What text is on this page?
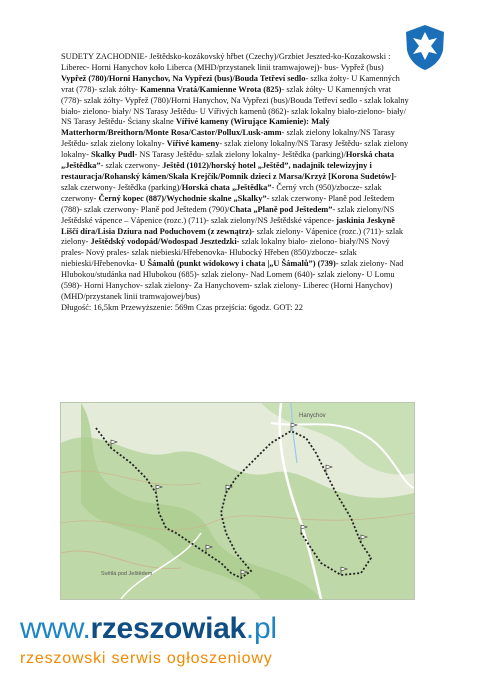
SUDETY ZACHODNIE- Ještědsko-kozákovský hřbet (Czechy)/Grzbiet Jeszted-ko-Kozakowski :

Liberec- Horni Hanychov koło Liberca (MHD/przystanek linii tramwajowej)- bus- Vypřež (bus)

Vypřež (780)/Horni Hanychov, Na Vypřezi (bus)/Bouda Tetřeví sedlo- szlka żołty- U Kamenných vrat (778)- szlak żółty- Kamenna Vratá/Kamienne Wrota (825)- szlak żółty- U Kamenných vrat (778)- szlak żółty- Vypřež (780)/Horni Hanychov, Na Vypřezi (bus)/Bouda Tetřeví sedlo - szlak lokalny biało- zielono- biały/ NS Tarasy Ještědu- U Vířivých kamenů (862)- szlak lokalny biało-zielono- biały/ NS Tarasy Ještědu- Ściany skalne Vířivé kameny (Wirujące Kamienie): Malý Matterhorm/Breithorn/Monte Rosa/Castor/Pollux/Lusk-amm- szlak zielony lokalny/NS Tarasy Ještědu- szlak zielony lokalny- Vířivé kameny- szlak zielony lokalny/NS Tarasy Ještědu- szlak zielony lokalny- Skalky Pudl- NS Tarasy Ještědu- szlak zielony lokalny- Ještědka (parking)/Horská chata „Ještědka”- szlak czerwony- Ještěd (1012)/horský hotel „Ještěd”, nadajnik telewizyjny i restauracja/Rohanský kámen/Skała Krejčík/Pomnik dzieci z Marsa/Krzyż [Korona Sudetów]- szlak czerwony- Ještědka (parking)/Horská chata „Ještědka”- Černý vrch (950)/zbocze- szlak czerwony- Černý kopec (887)/Wychodnie skalne „Skalky”- szlak czerwony- Planě pod Ještedem (788)- szlak czerwony- Planě pod Ještedem (790)/Chata „Planě pod Ještedem”- szlak zielony/NS Ještědské vápence – Vápenice (rozc.) (711)- szlak zielony/NS Ještědské vápence- jaskinia Jeskyně Liščí díra/Lisia Dziura nad Poduchovem (z zewnątrz)- szlak zielony- Vápenice (rozc.) (711)- szlak zielony- Ještědský vodopád/Wodospad Jesztedzki- szlak lokalny biało- zielono- biały/NS Nový prales- Nový prales- szlak niebieski/Hřebenovka- Hlubocký Hřeben (850)/zbocze- szlak niebieski/Hřebenovka- U Šámalů (punkt widokowy i chata |„U Šámalů”) (739)- szlak zielony- Nad Hlubokou/studánka nad Hlubokou (685)- szlak zielony- Nad Lomem (640)- szlak zielony- U Lomu (598)- Horni Hanychov- szlak zielony- Za Hanychovem- szlak zielony- Liberec (Horni Hanychov) (MHD/przystanek linii tramwajowej/bus)

Długość: 16,5km Przewyższenie: 569m Czas przejścia: 6godz. GOT: 22

Hanychov
Světlá pod Ještědem
www.rzeszowiak.pl
rzeszowski serwis ogłoszeniowy
